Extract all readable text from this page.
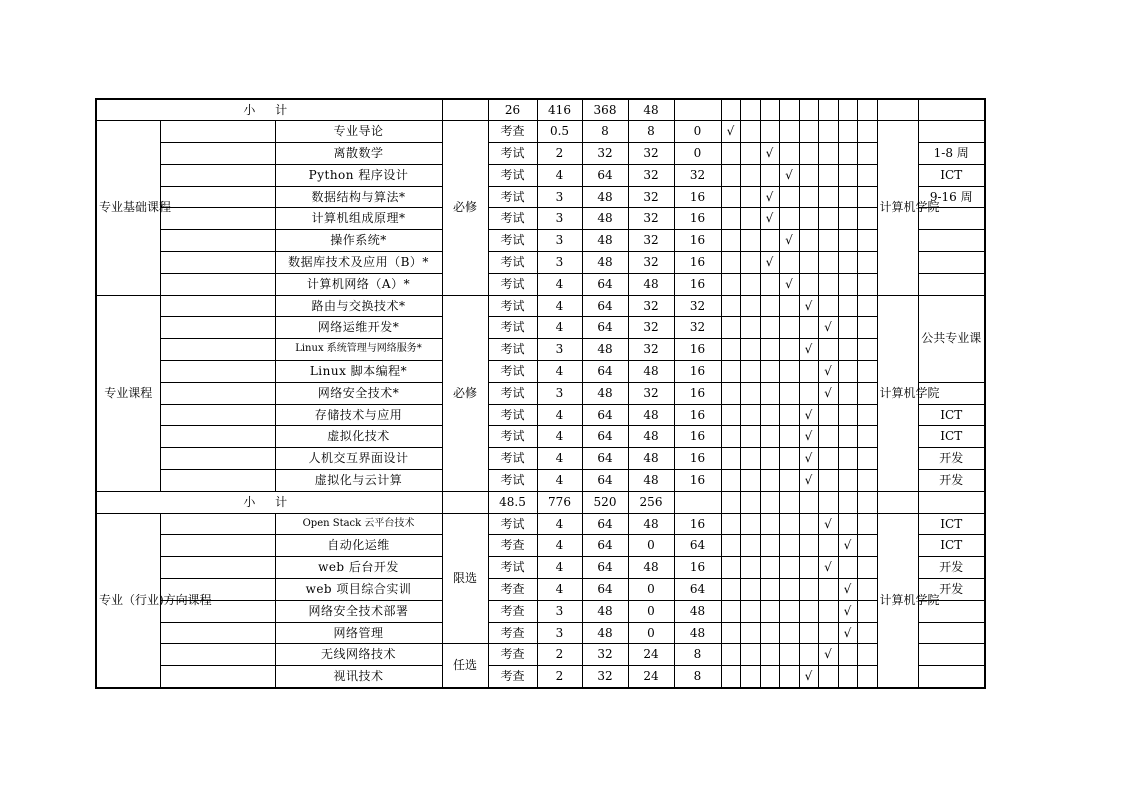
小 计				26	416	368	48											
专业基础课程		专业导论	必修	考查	0.5	8	8	0	√								计算机学院	
		离散数学		考试	2	32	32	0			√							1-8 周
		Python 程序设计		考试	4	64	32	32				√						ICT
		数据结构与算法*		考试	3	48	32	16			√							9-16 周
		计算机组成原理*		考试	3	48	32	16			√							
		操作系统*		考试	3	48	32	16				√						
		数据库技术及应用（B）*		考试	3	48	32	16			√							
		计算机网络（A）*		考试	4	64	48	16				√						
专业课程		路由与交换技术*	必修	考试	4	64	32	32					√				计算机学院	公共专业课
		网络运维开发*		考试	4	64	32	32						√				
		Linux 系统管理与网络服务*		考试	3	48	32	16					√					
		Linux 脚本编程*		考试	4	64	48	16						√				
		网络安全技术*		考试	3	48	32	16						√				
		存储技术与应用		考试	4	64	48	16					√					ICT
		虚拟化技术		考试	4	64	48	16					√					ICT
		人机交互界面设计		考试	4	64	48	16					√					开发
		虚拟化与云计算		考试	4	64	48	16					√					开发
小 计				48.5	776	520	256											
专业（行业)方向课程		Open Stack 云平台技术	限选	考试	4	64	48	16						√			计算机学院	ICT
		自动化运维		考查	4	64	0	64							√			ICT
		web 后台开发		考试	4	64	48	16						√				开发
		web 项目综合实训		考查	4	64	0	64							√			开发
		网络安全技术部署		考查	3	48	0	48							√			
		网络管理		考查	3	48	0	48							√			
		无线网络技术	任选	考查	2	32	24	8						√				
		视讯技术		考查	2	32	24	8					√					
